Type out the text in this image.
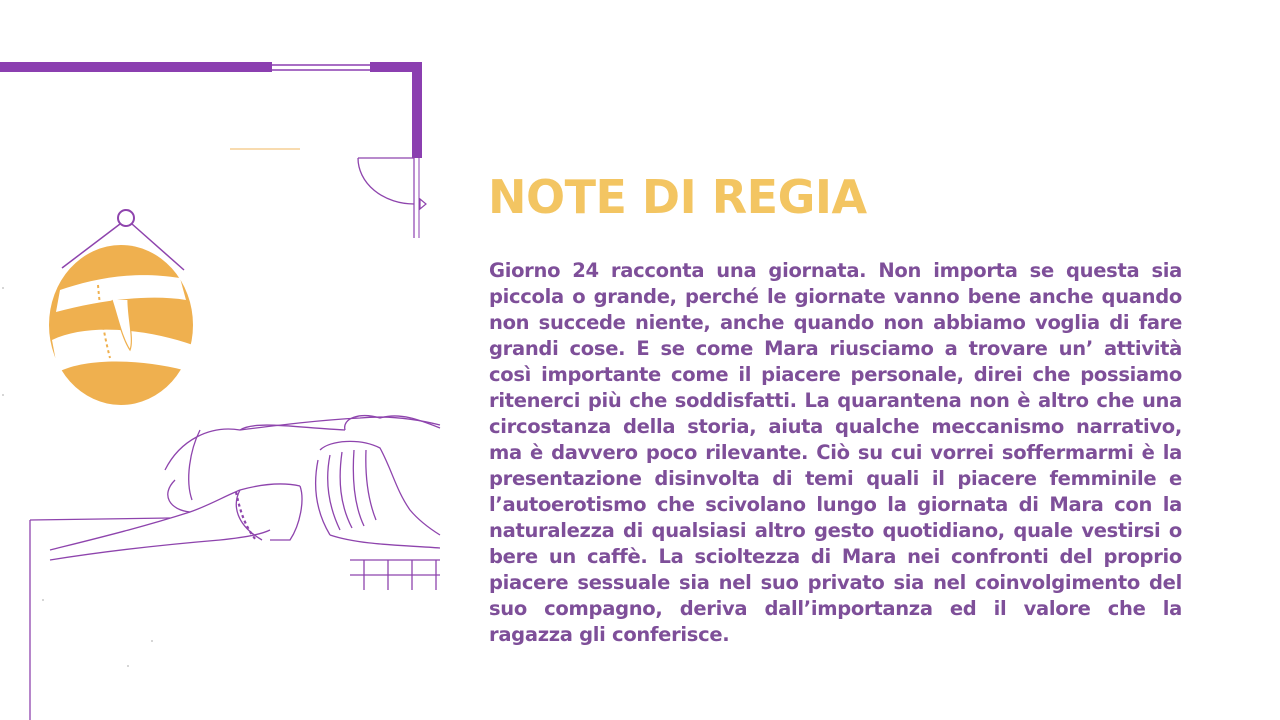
NOTE DI REGIA

Giorno 24 racconta una giornata. Non importa se questa sia piccola o grande, perché le giornate vanno bene anche quando non succede niente, anche quando non abbiamo voglia di fare grandi cose. E se come Mara riusciamo a trovare un’ attività così importante come il piacere personale, direi che possiamo ritenerci più che soddisfatti. La quarantena non è altro che una circostanza della storia, aiuta qualche meccanismo narrativo, ma è davvero poco rilevante. Ciò su cui vorrei soffermarmi è la presentazione disinvolta di temi quali il piacere femminile e l’autoerotismo che scivolano lungo la giornata di Mara con la naturalezza di qualsiasi altro gesto quotidiano, quale vestirsi o bere un caffè. La scioltezza di Mara nei confronti del proprio piacere sessuale sia nel suo privato sia nel coinvolgimento del suo compagno, deriva dall’importanza ed il valore che la ragazza gli conferisce.
